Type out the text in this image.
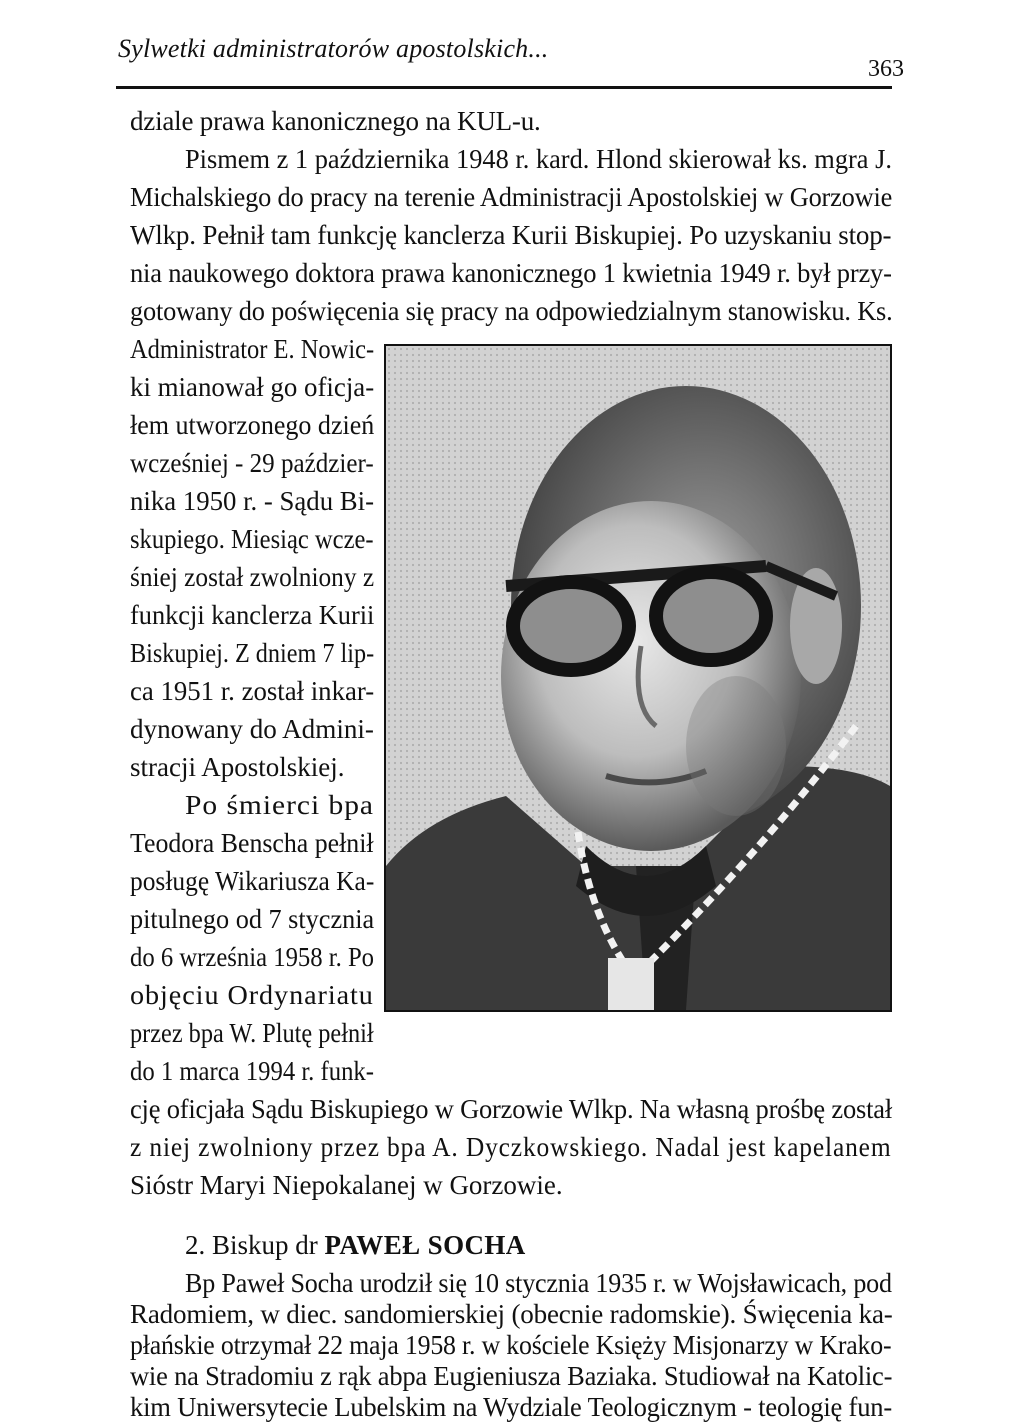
Sylwetki administratorów apostolskich...
363
dziale prawa kanonicznego na KUL-u.
Pismem z 1 października 1948 r. kard. Hlond skierował ks. mgra J.
Michalskiego do pracy na terenie Administracji Apostolskiej w Gorzowie
Wlkp. Pełnił tam funkcję kanclerza Kurii Biskupiej. Po uzyskaniu stop-
nia naukowego doktora prawa kanonicznego 1 kwietnia 1949 r. był przy-
gotowany do poświęcenia się pracy na odpowiedzialnym stanowisku. Ks.
Administrator E. Nowic-
ki mianował go oficja-
łem utworzonego dzień
wcześniej - 29 paździer-
nika 1950 r. - Sądu Bi-
skupiego. Miesiąc wcze-
śniej został zwolniony z
funkcji kanclerza Kurii
Biskupiej. Z dniem 7 lip-
ca 1951 r. został inkar-
dynowany do Admini-
stracji Apostolskiej.
Po śmierci bpa
Teodora Benscha pełnił
posługę Wikariusza Ka-
pitulnego od 7 stycznia
do 6 września 1958 r. Po
objęciu Ordynariatu
przez bpa W. Plutę pełnił
do 1 marca 1994 r. funk-
cję oficjała Sądu Biskupiego w Gorzowie Wlkp. Na własną prośbę został
z niej zwolniony przez bpa A. Dyczkowskiego. Nadal jest kapelanem
Sióstr Maryi Niepokalanej w Gorzowie.
2. Biskup dr PAWEŁ SOCHA
Bp Paweł Socha urodził się 10 stycznia 1935 r. w Wojsławicach, pod
Radomiem, w diec. sandomierskiej (obecnie radomskie). Święcenia ka-
płańskie otrzymał 22 maja 1958 r. w kościele Księży Misjonarzy w Krako-
wie na Stradomiu z rąk abpa Eugieniusza Baziaka. Studiował na Katolic-
kim Uniwersytecie Lubelskim na Wydziale Teologicznym - teologię fun-
